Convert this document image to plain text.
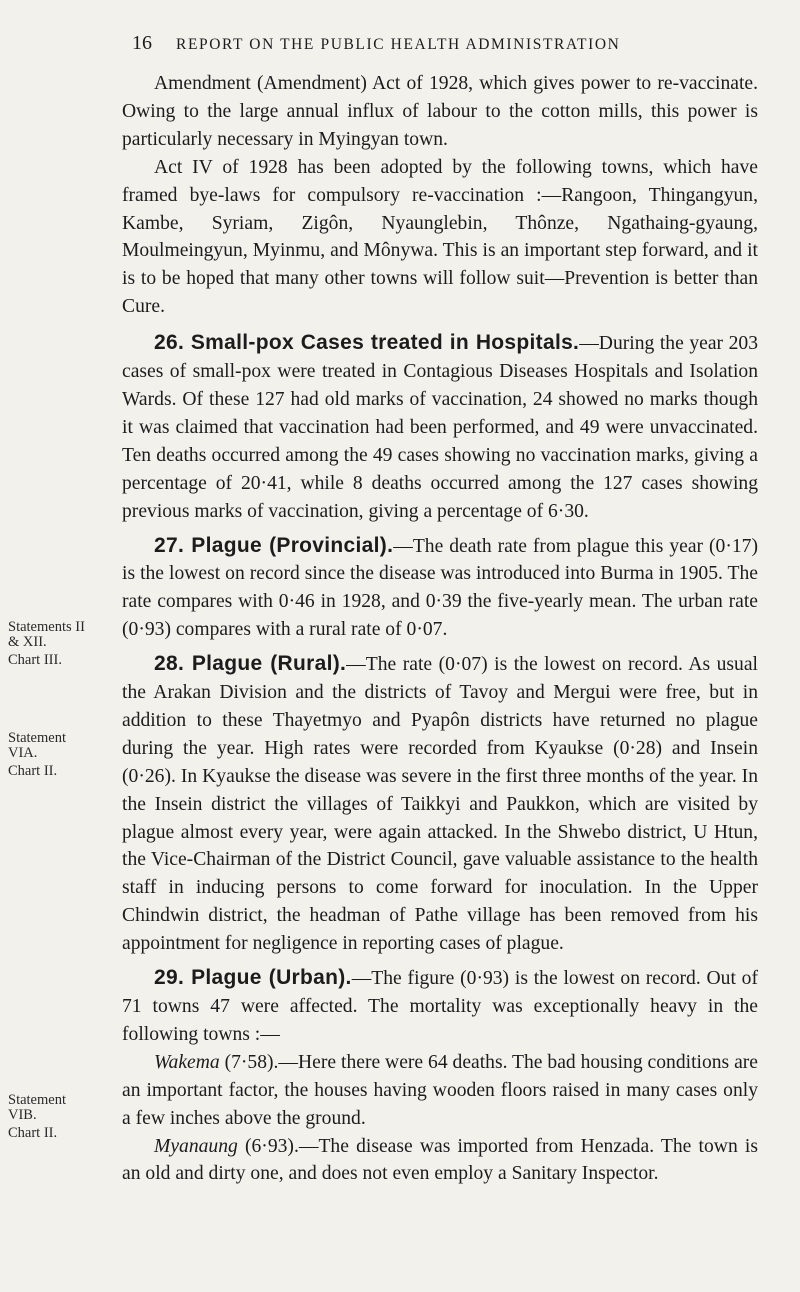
16 REPORT ON THE PUBLIC HEALTH ADMINISTRATION
Statements II
& XII.
Chart III.
Statement
VIA.
Chart II.
Statement
VIB.
Chart II.

Amendment (Amendment) Act of 1928, which gives power to re-vaccinate. Owing to the large annual influx of labour to the cotton mills, this power is particularly necessary in Myingyan town.

Act IV of 1928 has been adopted by the following towns, which have framed bye-laws for compulsory re-vaccination :—Rangoon, Thingangyun, Kambe, Syriam, Zigôn, Nyaunglebin, Thônze, Ngathaing-gyaung, Moulmeingyun, Myinmu, and Mônywa. This is an important step forward, and it is to be hoped that many other towns will follow suit—Prevention is better than Cure.

26. Small-pox Cases treated in Hospitals.—During the year 203 cases of small-pox were treated in Contagious Diseases Hospitals and Isolation Wards. Of these 127 had old marks of vaccination, 24 showed no marks though it was claimed that vaccination had been performed, and 49 were unvaccinated. Ten deaths occurred among the 49 cases showing no vaccination marks, giving a percentage of 20·41, while 8 deaths occurred among the 127 cases showing previous marks of vaccination, giving a percentage of 6·30.

27. Plague (Provincial).—The death rate from plague this year (0·17) is the lowest on record since the disease was introduced into Burma in 1905. The rate compares with 0·46 in 1928, and 0·39 the five-yearly mean. The urban rate (0·93) compares with a rural rate of 0·07.

28. Plague (Rural).—The rate (0·07) is the lowest on record. As usual the Arakan Division and the districts of Tavoy and Mergui were free, but in addition to these Thayetmyo and Pyapôn districts have returned no plague during the year. High rates were recorded from Kyaukse (0·28) and Insein (0·26). In Kyaukse the disease was severe in the first three months of the year. In the Insein district the villages of Taikkyi and Paukkon, which are visited by plague almost every year, were again attacked. In the Shwebo district, U Htun, the Vice-Chairman of the District Council, gave valuable assistance to the health staff in inducing persons to come forward for inoculation. In the Upper Chindwin district, the headman of Pathe village has been removed from his appointment for negligence in reporting cases of plague.

29. Plague (Urban).—The figure (0·93) is the lowest on record. Out of 71 towns 47 were affected. The mortality was exceptionally heavy in the following towns :—

Wakema (7·58).—Here there were 64 deaths. The bad housing conditions are an important factor, the houses having wooden floors raised in many cases only a few inches above the ground.

Myanaung (6·93).—The disease was imported from Henzada. The town is an old and dirty one, and does not even employ a Sanitary Inspector.
